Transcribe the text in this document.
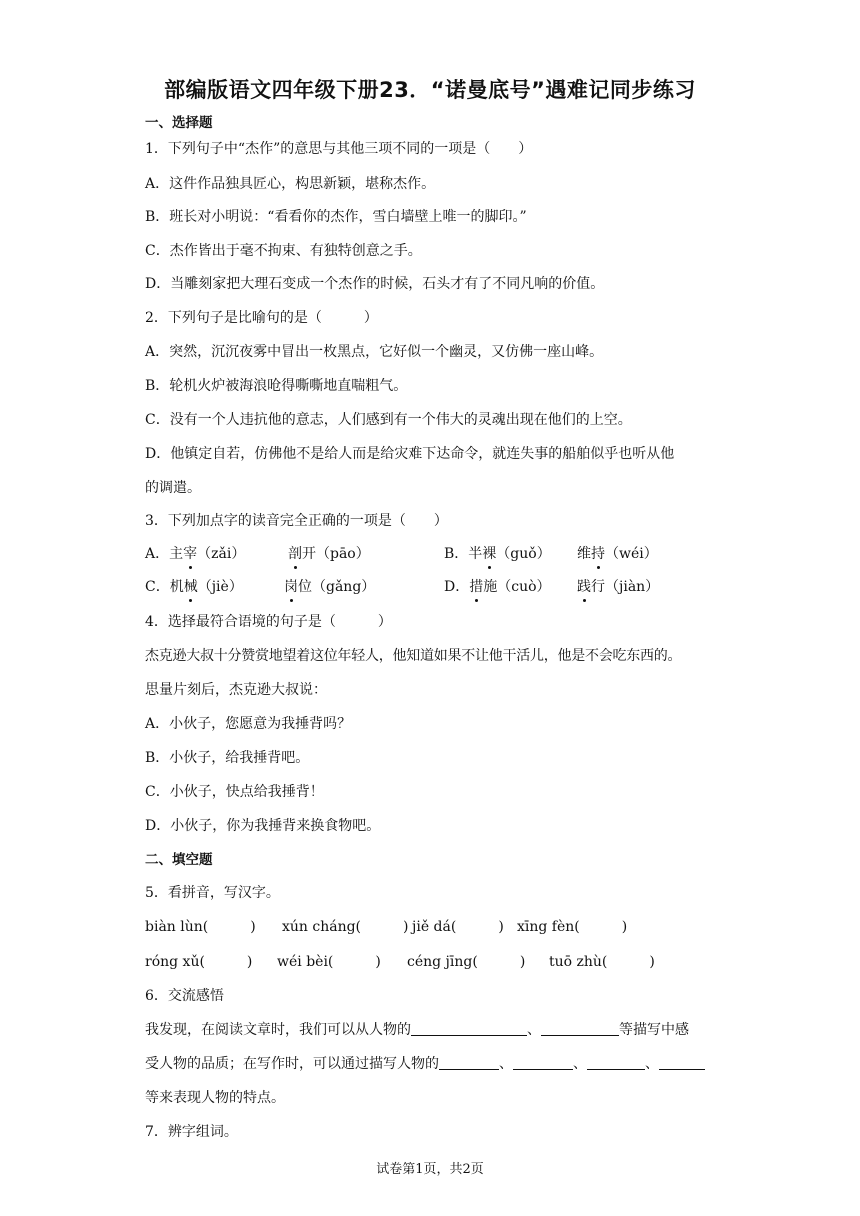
部编版语文四年级下册23．“诺曼底号”遇难记同步练习
一、选择题
1．下列句子中“杰作”的意思与其他三项不同的一项是（　　）
A．这件作品独具匠心，构思新颖，堪称杰作。
B．班长对小明说：“看看你的杰作，雪白墙壁上唯一的脚印。”
C．杰作皆出于毫不拘束、有独特创意之手。
D．当雕刻家把大理石变成一个杰作的时候，石头才有了不同凡响的价值。
2．下列句子是比喻句的是（　　　）
A．突然，沉沉夜雾中冒出一枚黑点，它好似一个幽灵，又仿佛一座山峰。
B．轮机火炉被海浪呛得嘶嘶地直喘粗气。
C．没有一个人违抗他的意志，人们感到有一个伟大的灵魂出现在他们的上空。
D．他镇定自若，仿佛他不是给人而是给灾难下达命令，就连失事的船舶似乎也听从他
的调遣。
3．下列加点字的读音完全正确的一项是（　　）
A．主宰（zǎi）	剖开（pāo）	B．半裸（guǒ） 维持（wéi）
C．机械（jiè）	岗位（gǎng）	D．措施（cuò） 践行（jiàn）
4．选择最符合语境的句子是（　　　）
杰克逊大叔十分赞赏地望着这位年轻人，他知道如果不让他干活儿，他是不会吃东西的。
思量片刻后，杰克逊大叔说：
A．小伙子，您愿意为我捶背吗？
B．小伙子，给我捶背吧。
C．小伙子，快点给我捶背！
D．小伙子，你为我捶背来换食物吧。
二、填空题
5．看拼音，写汉字。
biàn lùn(　　　) xún cháng(　　　) jiě dá(　　　) xīng fèn(　　　)
róng xǔ(　　　) wéi bèi(　　　) céng jīng(　　　) tuō zhù(　　　)
6．交流感悟
我发现，在阅读文章时，我们可以从人物的	、	等描写中感
受人物的品质；在写作时，可以通过描写人物的	、	、	、
等来表现人物的特点。
7．辨字组词。
试卷第1页，共2页
